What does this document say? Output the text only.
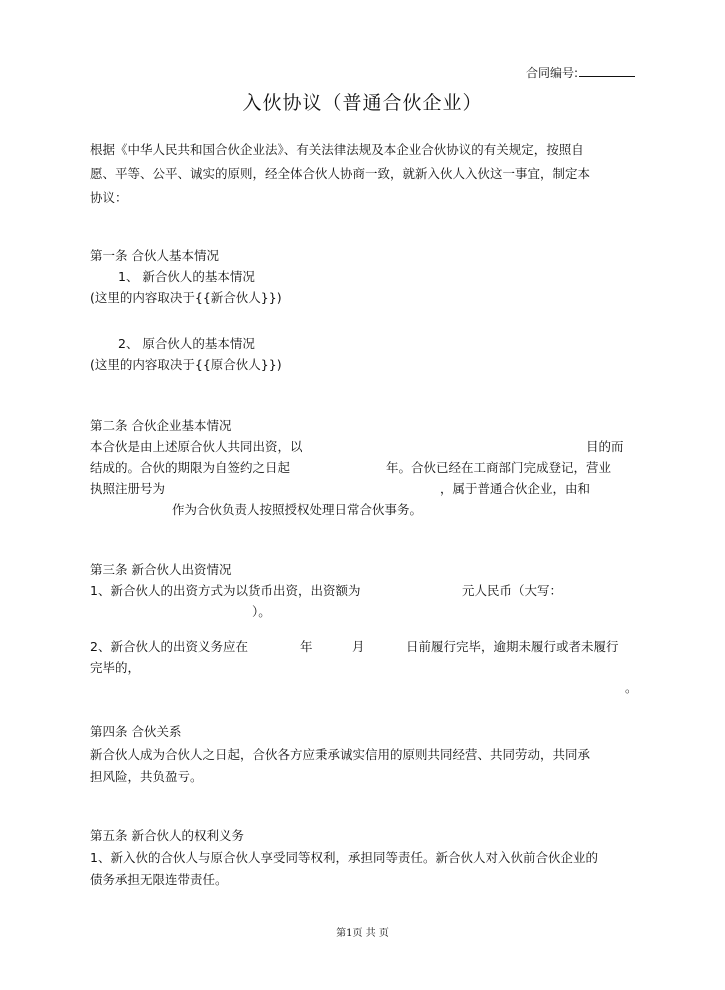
合同编号:
入伙协议（普通合伙企业）
根据《中华人民共和国合伙企业法》、有关法律法规及本企业合伙协议的有关规定，按照自
愿、平等、公平、诚实的原则，经全体合伙人协商一致，就新入伙人入伙这一事宜，制定本
协议：
第一条 合伙人基本情况
1、 新合伙人的基本情况
(这里的内容取决于{{新合伙人}})
2、 原合伙人的基本情况
(这里的内容取决于{{原合伙人}})
第二条 合伙企业基本情况
本合伙是由上述原合伙人共同出资，以	目的而
结成的。合伙的期限为自签约之日起	年。合伙已经在工商部门完成登记，营业
执照注册号为	，属于普通合伙企业，由和
作为合伙负责人按照授权处理日常合伙事务。
第三条 新合伙人出资情况
1、新合伙人的出资方式为以货币出资，出资额为	元人民币（大写：
）。
2、新合伙人的出资义务应在	年	月	日前履行完毕，逾期未履行或者未履行
完毕的，
。
第四条 合伙关系
新合伙人成为合伙人之日起，合伙各方应秉承诚实信用的原则共同经营、共同劳动，共同承
担风险，共负盈亏。
第五条 新合伙人的权利义务
1、新入伙的合伙人与原合伙人享受同等权利，承担同等责任。新合伙人对入伙前合伙企业的
债务承担无限连带责任。
第1页 共 页
